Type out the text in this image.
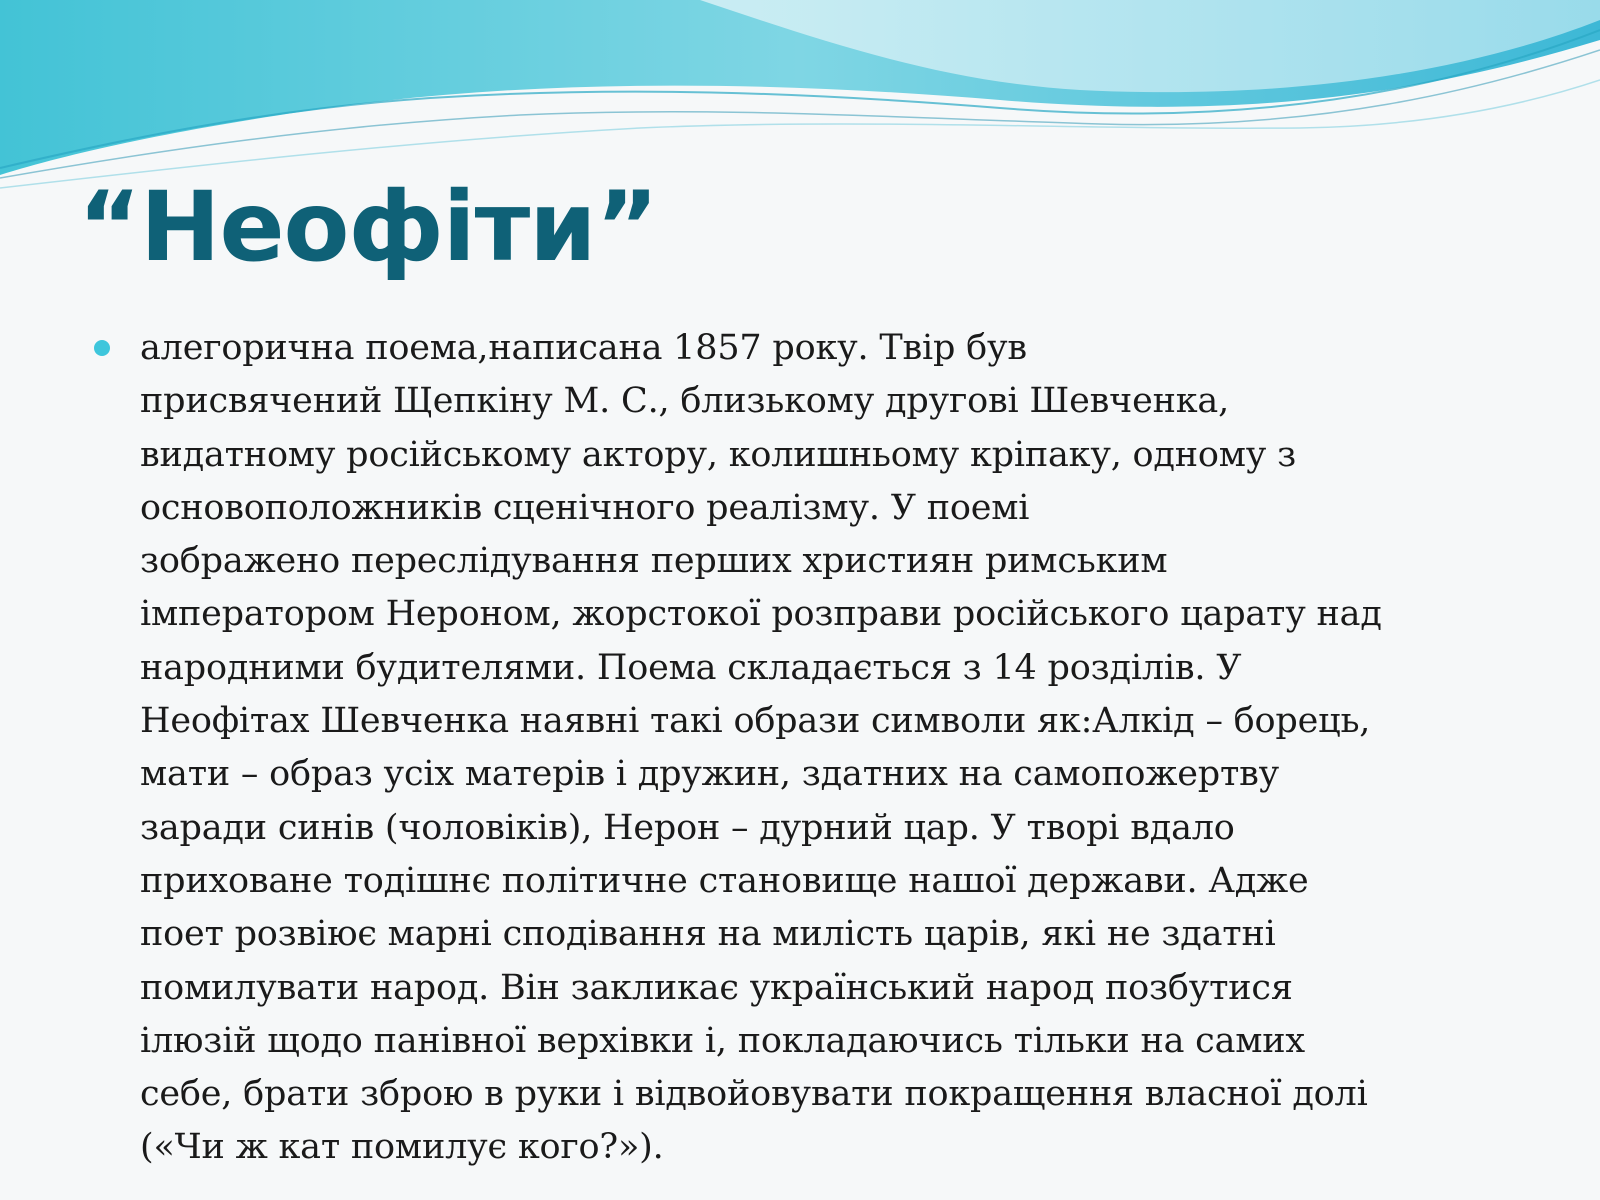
“Неофіти”
алегорична поема,написана 1857 року. Твір був
присвячений Щепкіну М. С., близькому другові Шевченка,
видатному російському актору, колишньому кріпаку, одному з
основоположників сценічного реалізму. У поемі
зображено переслідування перших християн римським
імператором Нероном, жорстокої розправи російського царату над
народними будителями. Поема складається з 14 розділів. У
Неофітах Шевченка наявні такі образи символи як:Алкід – борець,
мати – образ усіх матерів і дружин, здатних на самопожертву
заради синів (чоловіків), Нерон – дурний цар. У творі вдало
приховане тодішнє політичне становище нашої держави. Адже
поет розвіює марні сподівання на милість царів, які не здатні
помилувати народ. Він закликає український народ позбутися
ілюзій щодо панівної верхівки і, покладаючись тільки на самих
себе, брати зброю в руки і відвойовувати покращення власної долі
(«Чи ж кат помилує кого?»).
